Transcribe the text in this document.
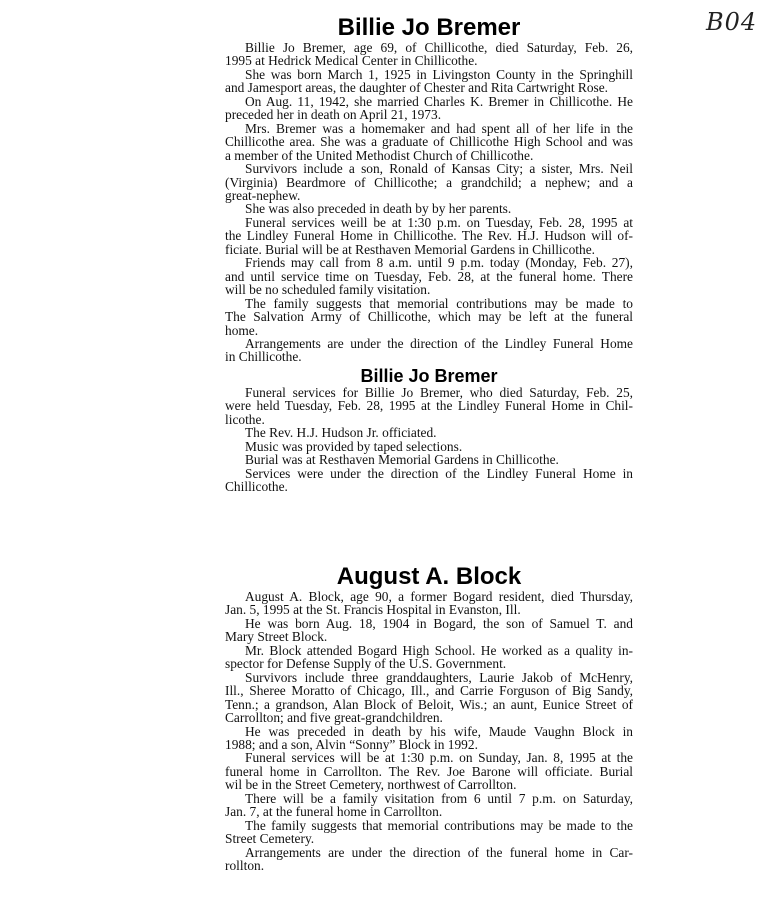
B04
Billie Jo Bremer
Billie Jo Bremer, age 69, of Chillicothe, died Saturday, Feb. 26,
1995 at Hedrick Medical Center in Chillicothe.
She was born March 1, 1925 in Livingston County in the Springhill
and Jamesport areas, the daughter of Chester and Rita Cartwright Rose.
On Aug. 11, 1942, she married Charles K. Bremer in Chillicothe. He
preceded her in death on April 21, 1973.
Mrs. Bremer was a homemaker and had spent all of her life in the
Chillicothe area. She was a graduate of Chillicothe High School and was
a member of the United Methodist Church of Chillicothe.
Survivors include a son, Ronald of Kansas City; a sister, Mrs. Neil
(Virginia) Beardmore of Chillicothe; a grandchild; a nephew; and a
great-nephew.
She was also preceded in death by by her parents.
Funeral services weill be at 1:30 p.m. on Tuesday, Feb. 28, 1995 at
the Lindley Funeral Home in Chillicothe. The Rev. H.J. Hudson will of-
ficiate. Burial will be at Resthaven Memorial Gardens in Chillicothe.
Friends may call from 8 a.m. until 9 p.m. today (Monday, Feb. 27),
and until service time on Tuesday, Feb. 28, at the funeral home. There
will be no scheduled family visitation.
The family suggests that memorial contributions may be made to
The Salvation Army of Chillicothe, which may be left at the funeral
home.
Arrangements are under the direction of the Lindley Funeral Home
in Chillicothe.
Billie Jo Bremer
Funeral services for Billie Jo Bremer, who died Saturday, Feb. 25,
were held Tuesday, Feb. 28, 1995 at the Lindley Funeral Home in Chil-
licothe.
The Rev. H.J. Hudson Jr. officiated.
Music was provided by taped selections.
Burial was at Resthaven Memorial Gardens in Chillicothe.
Services were under the direction of the Lindley Funeral Home in
Chillicothe.
August A. Block
August A. Block, age 90, a former Bogard resident, died Thursday,
Jan. 5, 1995 at the St. Francis Hospital in Evanston, Ill.
He was born Aug. 18, 1904 in Bogard, the son of Samuel T. and
Mary Street Block.
Mr. Block attended Bogard High School. He worked as a quality in-
spector for Defense Supply of the U.S. Government.
Survivors include three granddaughters, Laurie Jakob of McHenry,
Ill., Sheree Moratto of Chicago, Ill., and Carrie Forguson of Big Sandy,
Tenn.; a grandson, Alan Block of Beloit, Wis.; an aunt, Eunice Street of
Carrollton; and five great-grandchildren.
He was preceded in death by his wife, Maude Vaughn Block in
1988; and a son, Alvin “Sonny” Block in 1992.
Funeral services will be at 1:30 p.m. on Sunday, Jan. 8, 1995 at the
funeral home in Carrollton. The Rev. Joe Barone will officiate. Burial
wil be in the Street Cemetery, northwest of Carrollton.
There will be a family visitation from 6 until 7 p.m. on Saturday,
Jan. 7, at the funeral home in Carrollton.
The family suggests that memorial contributions may be made to the
Street Cemetery.
Arrangements are under the direction of the funeral home in Car-
rollton.
